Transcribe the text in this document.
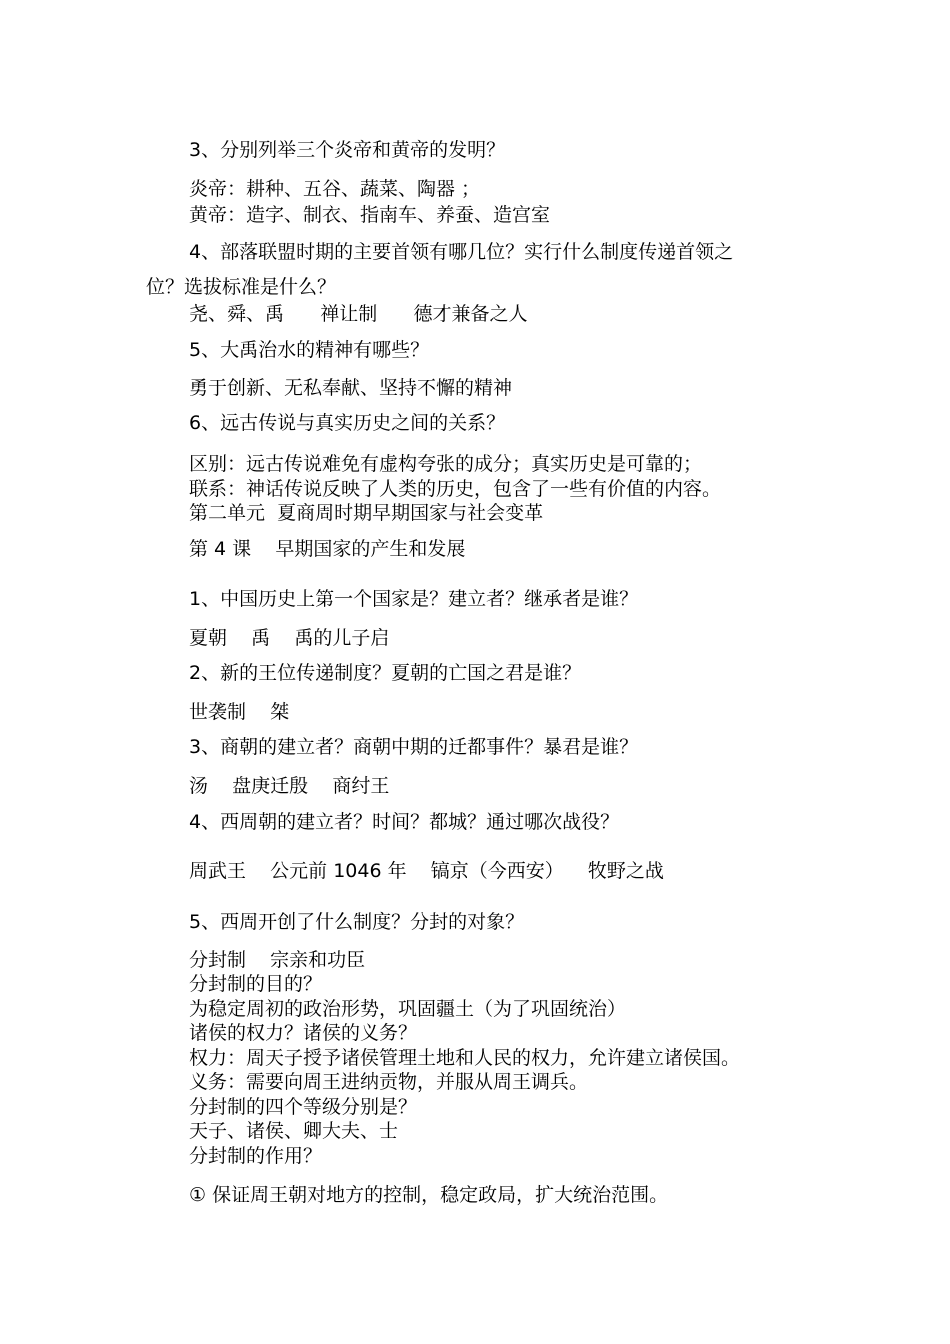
3、分别列举三个炎帝和黄帝的发明？
炎帝：耕种、五谷、蔬菜、陶器 ；
黄帝：造字、制衣、指南车、养蚕、造宫室
4、部落联盟时期的主要首领有哪几位？实行什么制度传递首领之
位？选拔标准是什么？
尧、舜、禹      禅让制      德才兼备之人
5、大禹治水的精神有哪些？
勇于创新、无私奉献、坚持不懈的精神
6、远古传说与真实历史之间的关系？
区别：远古传说难免有虚构夸张的成分；真实历史是可靠的；
联系：神话传说反映了人类的历史，包含了一些有价值的内容。
第二单元  夏商周时期早期国家与社会变革
第 4 课    早期国家的产生和发展
1、中国历史上第一个国家是？建立者？继承者是谁？
夏朝    禹    禹的儿子启
2、新的王位传递制度？夏朝的亡国之君是谁？
世袭制    桀
3、商朝的建立者？商朝中期的迁都事件？暴君是谁？
汤    盘庚迁殷    商纣王
4、西周朝的建立者？时间？都城？通过哪次战役？
周武王    公元前 1046 年    镐京（今西安）    牧野之战
5、西周开创了什么制度？分封的对象？
分封制    宗亲和功臣
分封制的目的？
为稳定周初的政治形势，巩固疆土（为了巩固统治）
诸侯的权力？诸侯的义务？
权力：周天子授予诸侯管理土地和人民的权力，允许建立诸侯国。
义务：需要向周王进纳贡物，并服从周王调兵。
分封制的四个等级分别是？
天子、诸侯、卿大夫、士
分封制的作用？
① 保证周王朝对地方的控制，稳定政局，扩大统治范围。
